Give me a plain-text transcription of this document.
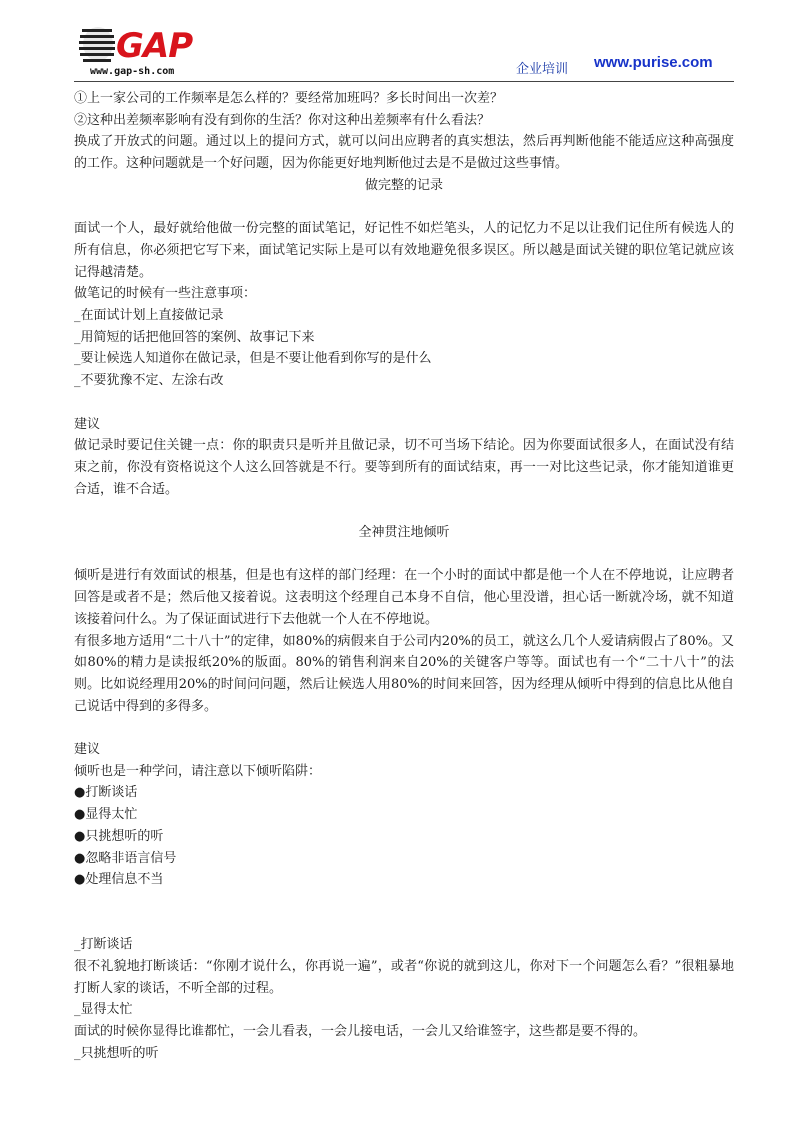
GAP
www.gap-sh.com	企业培训 www.purise.com

①上一家公司的工作频率是怎么样的？要经常加班吗？多长时间出一次差？

②这种出差频率影响有没有到你的生活？你对这种出差频率有什么看法？

换成了开放式的问题。通过以上的提问方式，就可以问出应聘者的真实想法，然后再判断他能不能适应这种高强度的工作。这种问题就是一个好问题，因为你能更好地判断他过去是不是做过这些事情。

做完整的记录

面试一个人，最好就给他做一份完整的面试笔记，好记性不如烂笔头，人的记忆力不足以让我们记住所有候选人的所有信息，你必须把它写下来，面试笔记实际上是可以有效地避免很多误区。所以越是面试关键的职位笔记就应该记得越清楚。

做笔记的时候有一些注意事项：

_在面试计划上直接做记录

_用简短的话把他回答的案例、故事记下来

_要让候选人知道你在做记录，但是不要让他看到你写的是什么

_不要犹豫不定、左涂右改

建议

做记录时要记住关键一点：你的职责只是听并且做记录，切不可当场下结论。因为你要面试很多人，在面试没有结束之前，你没有资格说这个人这么回答就是不行。要等到所有的面试结束，再一一对比这些记录，你才能知道谁更合适，谁不合适。

全神贯注地倾听

倾听是进行有效面试的根基，但是也有这样的部门经理：在一个小时的面试中都是他一个人在不停地说，让应聘者回答是或者不是；然后他又接着说。这表明这个经理自己本身不自信，他心里没谱，担心话一断就冷场，就不知道该接着问什么。为了保证面试进行下去他就一个人在不停地说。

有很多地方适用“二十八十”的定律，如80%的病假来自于公司内20%的员工，就这么几个人爱请病假占了80%。又如80%的精力是读报纸20%的版面。80%的销售利润来自20%的关键客户等等。面试也有一个“二十八十”的法则。比如说经理用20%的时间问问题，然后让候选人用80%的时间来回答，因为经理从倾听中得到的信息比从他自己说话中得到的多得多。

建议

倾听也是一种学问，请注意以下倾听陷阱：

●打断谈话

●显得太忙

●只挑想听的听

●忽略非语言信号

●处理信息不当

_打断谈话

很不礼貌地打断谈话：“你刚才说什么，你再说一遍”，或者“你说的就到这儿，你对下一个问题怎么看？”很粗暴地打断人家的谈话，不听全部的过程。

_显得太忙

面试的时候你显得比谁都忙，一会儿看表，一会儿接电话，一会儿又给谁签字，这些都是要不得的。

_只挑想听的听
